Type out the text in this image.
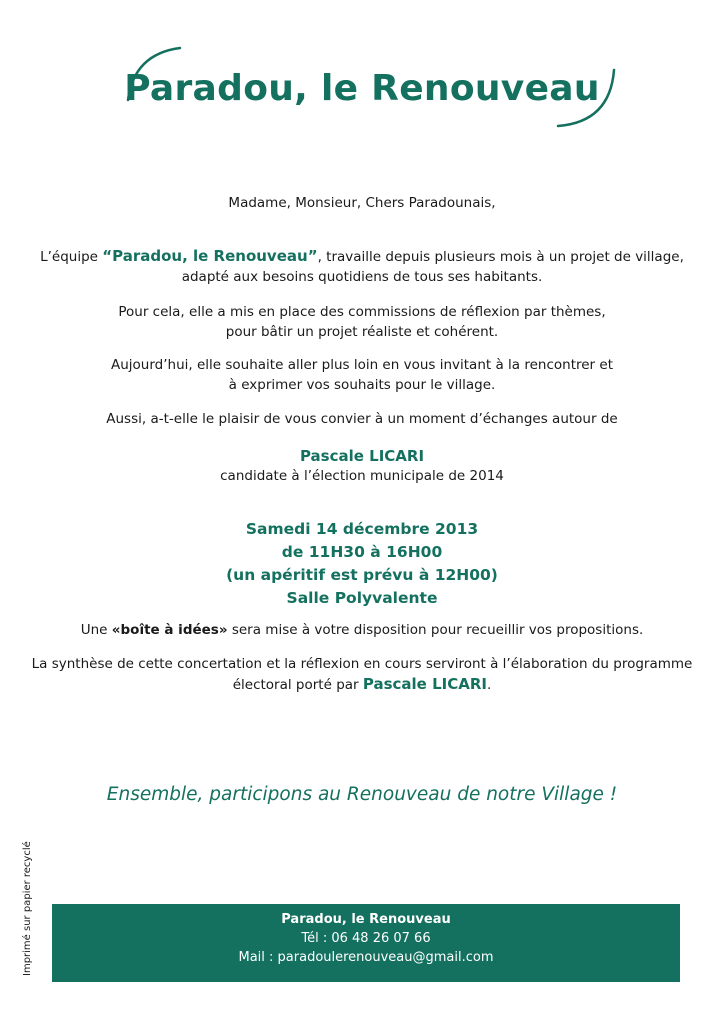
Paradou, le Renouveau

Madame, Monsieur, Chers Paradounais,

L’équipe “Paradou, le Renouveau”, travaille depuis plusieurs mois à un projet de village,

adapté aux besoins quotidiens de tous ses habitants.

Pour cela, elle a mis en place des commissions de réflexion par thèmes,

pour bâtir un projet réaliste et cohérent.

Aujourd’hui, elle souhaite aller plus loin en vous invitant à la rencontrer et

à exprimer vos souhaits pour le village.

Aussi, a-t-elle le plaisir de vous convier à un moment d’échanges autour de

Pascale LICARI

candidate à l’élection municipale de 2014

Samedi 14 décembre 2013
de 11H30 à 16H00
(un apéritif est prévu à 12H00)
Salle Polyvalente

Une «boîte à idées» sera mise à votre disposition pour recueillir vos propositions.

La synthèse de cette concertation et la réflexion en cours serviront à l’élaboration du programme

électoral porté par Pascale LICARI.

Ensemble, participons au Renouveau de notre Village !
Imprimé sur papier recyclé	Paradou, le Renouveau
Tél : 06 48 26 07 66
Mail : paradoulerenouveau@gmail.com
